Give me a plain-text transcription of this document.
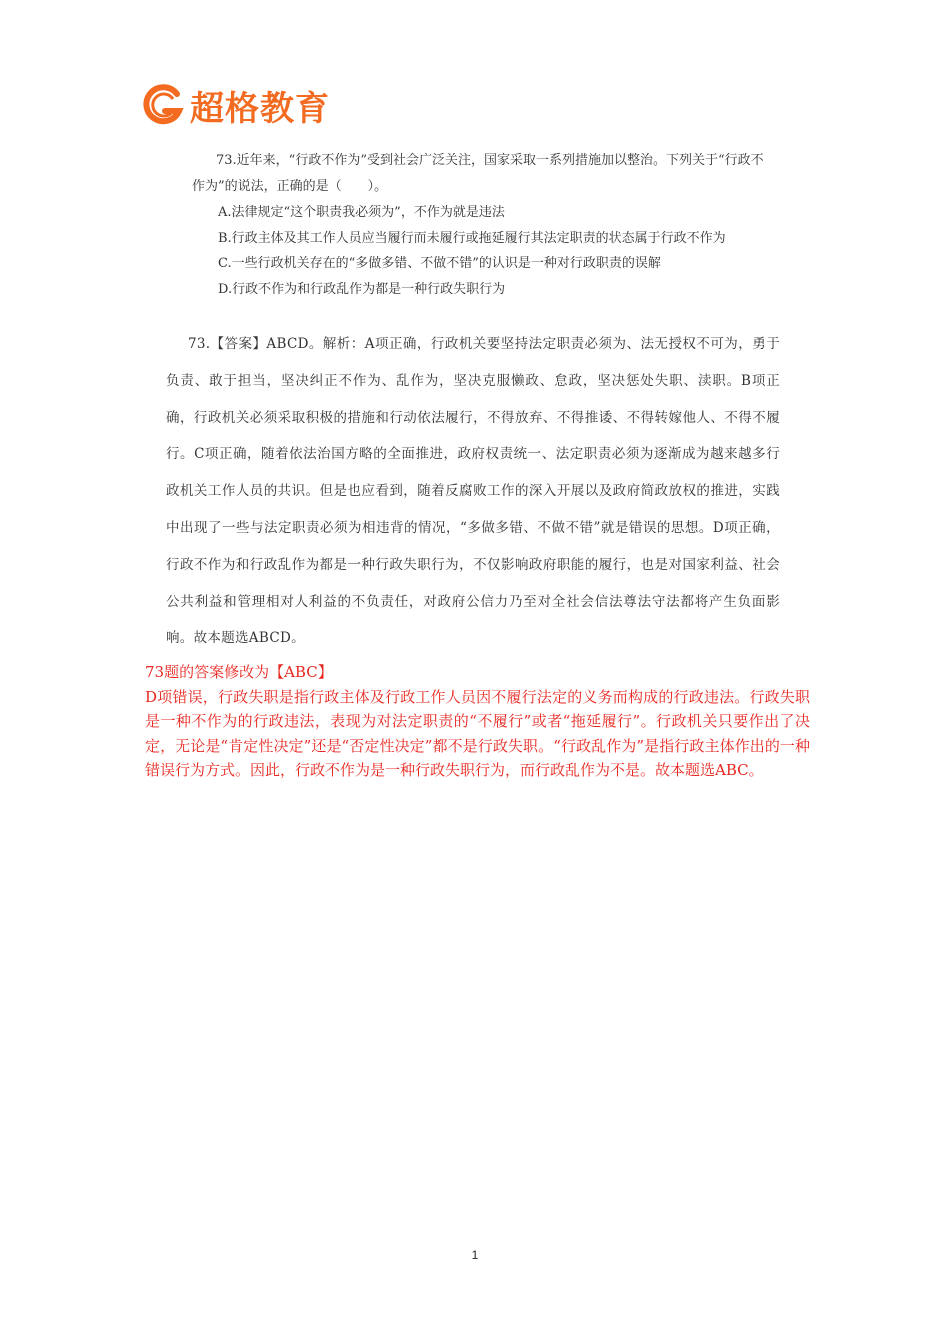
超格教育

73.近年来，“行政不作为”受到社会广泛关注，国家采取一系列措施加以整治。下列关于“行政不作为”的说法，正确的是（　　）。

A.法律规定“这个职责我必须为”，不作为就是违法

B.行政主体及其工作人员应当履行而未履行或拖延履行其法定职责的状态属于行政不作为

C.一些行政机关存在的“多做多错、不做不错”的认识是一种对行政职责的误解

D.行政不作为和行政乱作为都是一种行政失职行为

73.【答案】ABCD。解析：A项正确，行政机关要坚持法定职责必须为、法无授权不可为，勇于负责、敢于担当，坚决纠正不作为、乱作为，坚决克服懒政、怠政，坚决惩处失职、渎职。B项正确，行政机关必须采取积极的措施和行动依法履行，不得放弃、不得推诿、不得转嫁他人、不得不履行。C项正确，随着依法治国方略的全面推进，政府权责统一、法定职责必须为逐渐成为越来越多行政机关工作人员的共识。但是也应看到，随着反腐败工作的深入开展以及政府简政放权的推进，实践中出现了一些与法定职责必须为相违背的情况，“多做多错、不做不错”就是错误的思想。D项正确，行政不作为和行政乱作为都是一种行政失职行为，不仅影响政府职能的履行，也是对国家利益、社会公共利益和管理相对人利益的不负责任，对政府公信力乃至对全社会信法尊法守法都将产生负面影响。故本题选ABCD。

73题的答案修改为【ABC】

D项错误，行政失职是指行政主体及行政工作人员因不履行法定的义务而构成的行政违法。行政失职是一种不作为的行政违法，表现为对法定职责的“不履行”或者“拖延履行”。行政机关只要作出了决定，无论是“肯定性决定”还是“否定性决定”都不是行政失职。“行政乱作为”是指行政主体作出的一种错误行为方式。因此，行政不作为是一种行政失职行为，而行政乱作为不是。故本题选ABC。

1
